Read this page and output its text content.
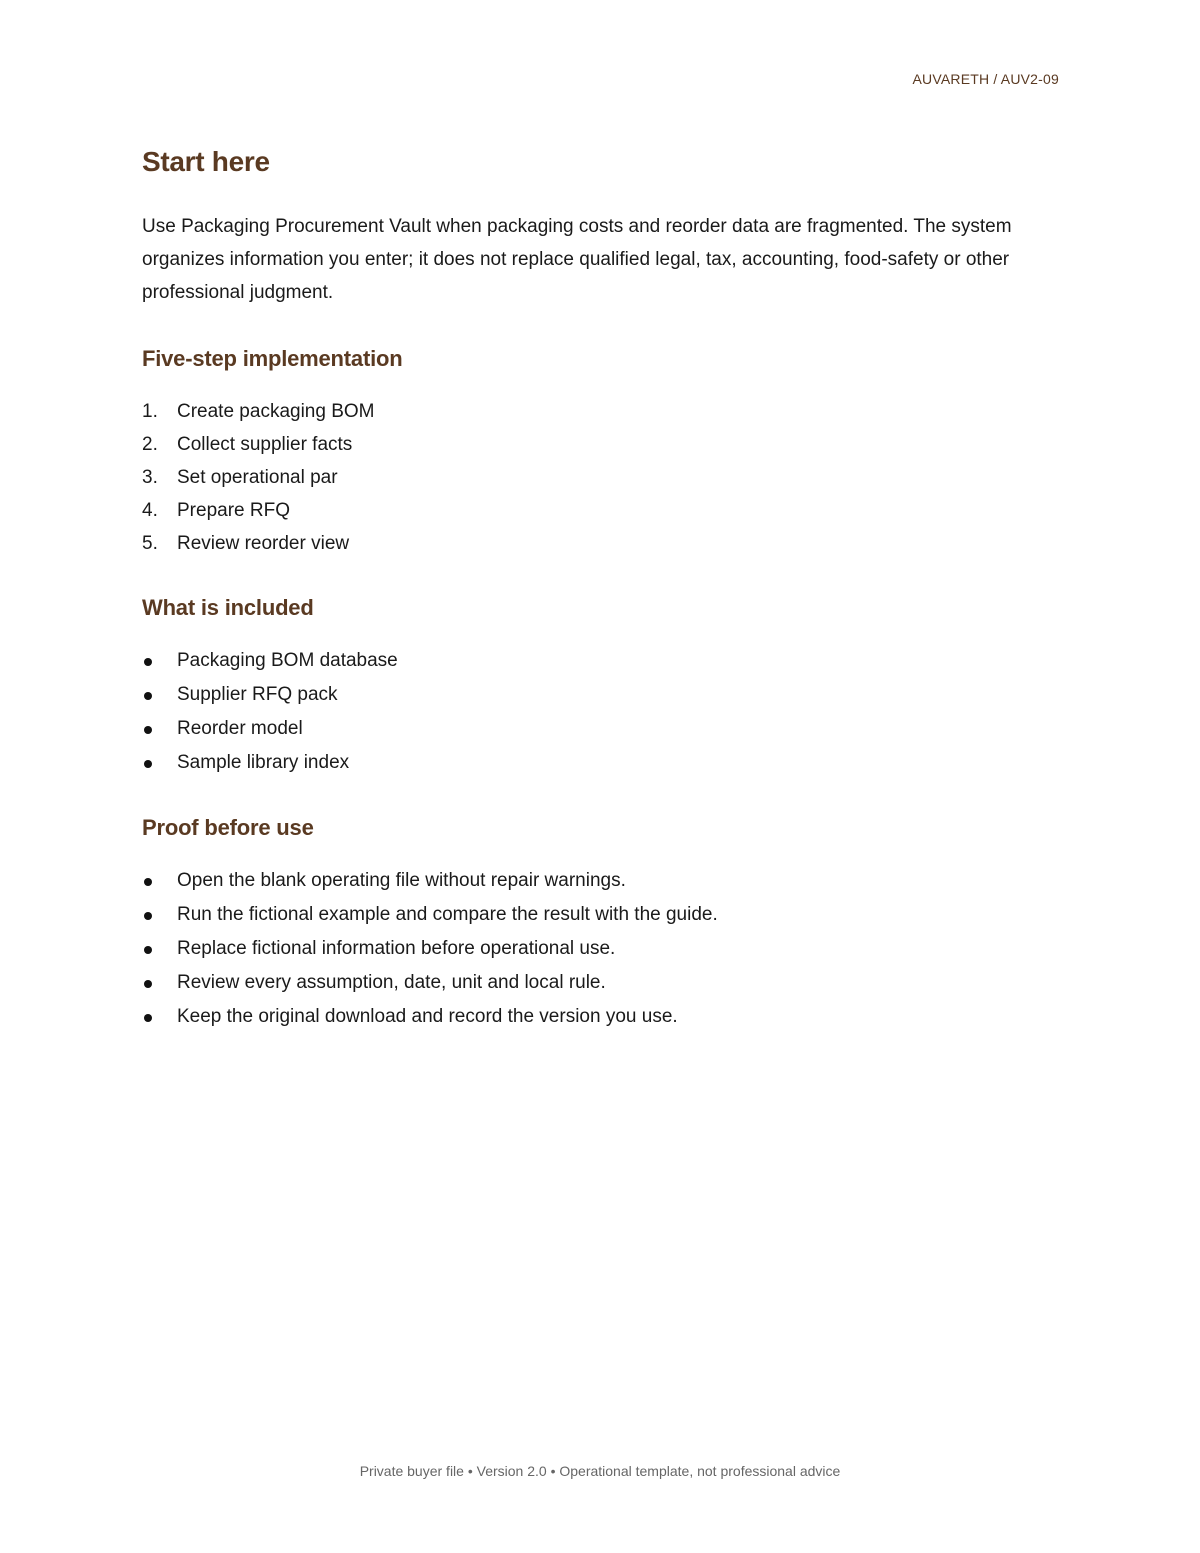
AUVARETH / AUV2-09
Start here

Use Packaging Procurement Vault when packaging costs and reorder data are fragmented. The system organizes information you enter; it does not replace qualified legal, tax, accounting, food-safety or other professional judgment.

Five-step implementation
1. Create packaging BOM
2. Collect supplier facts
3. Set operational par
4. Prepare RFQ
5. Review reorder view
What is included
Packaging BOM database
Supplier RFQ pack
Reorder model
Sample library index
Proof before use
Open the blank operating file without repair warnings.
Run the fictional example and compare the result with the guide.
Replace fictional information before operational use.
Review every assumption, date, unit and local rule.
Keep the original download and record the version you use.
Private buyer file • Version 2.0 • Operational template, not professional advice
